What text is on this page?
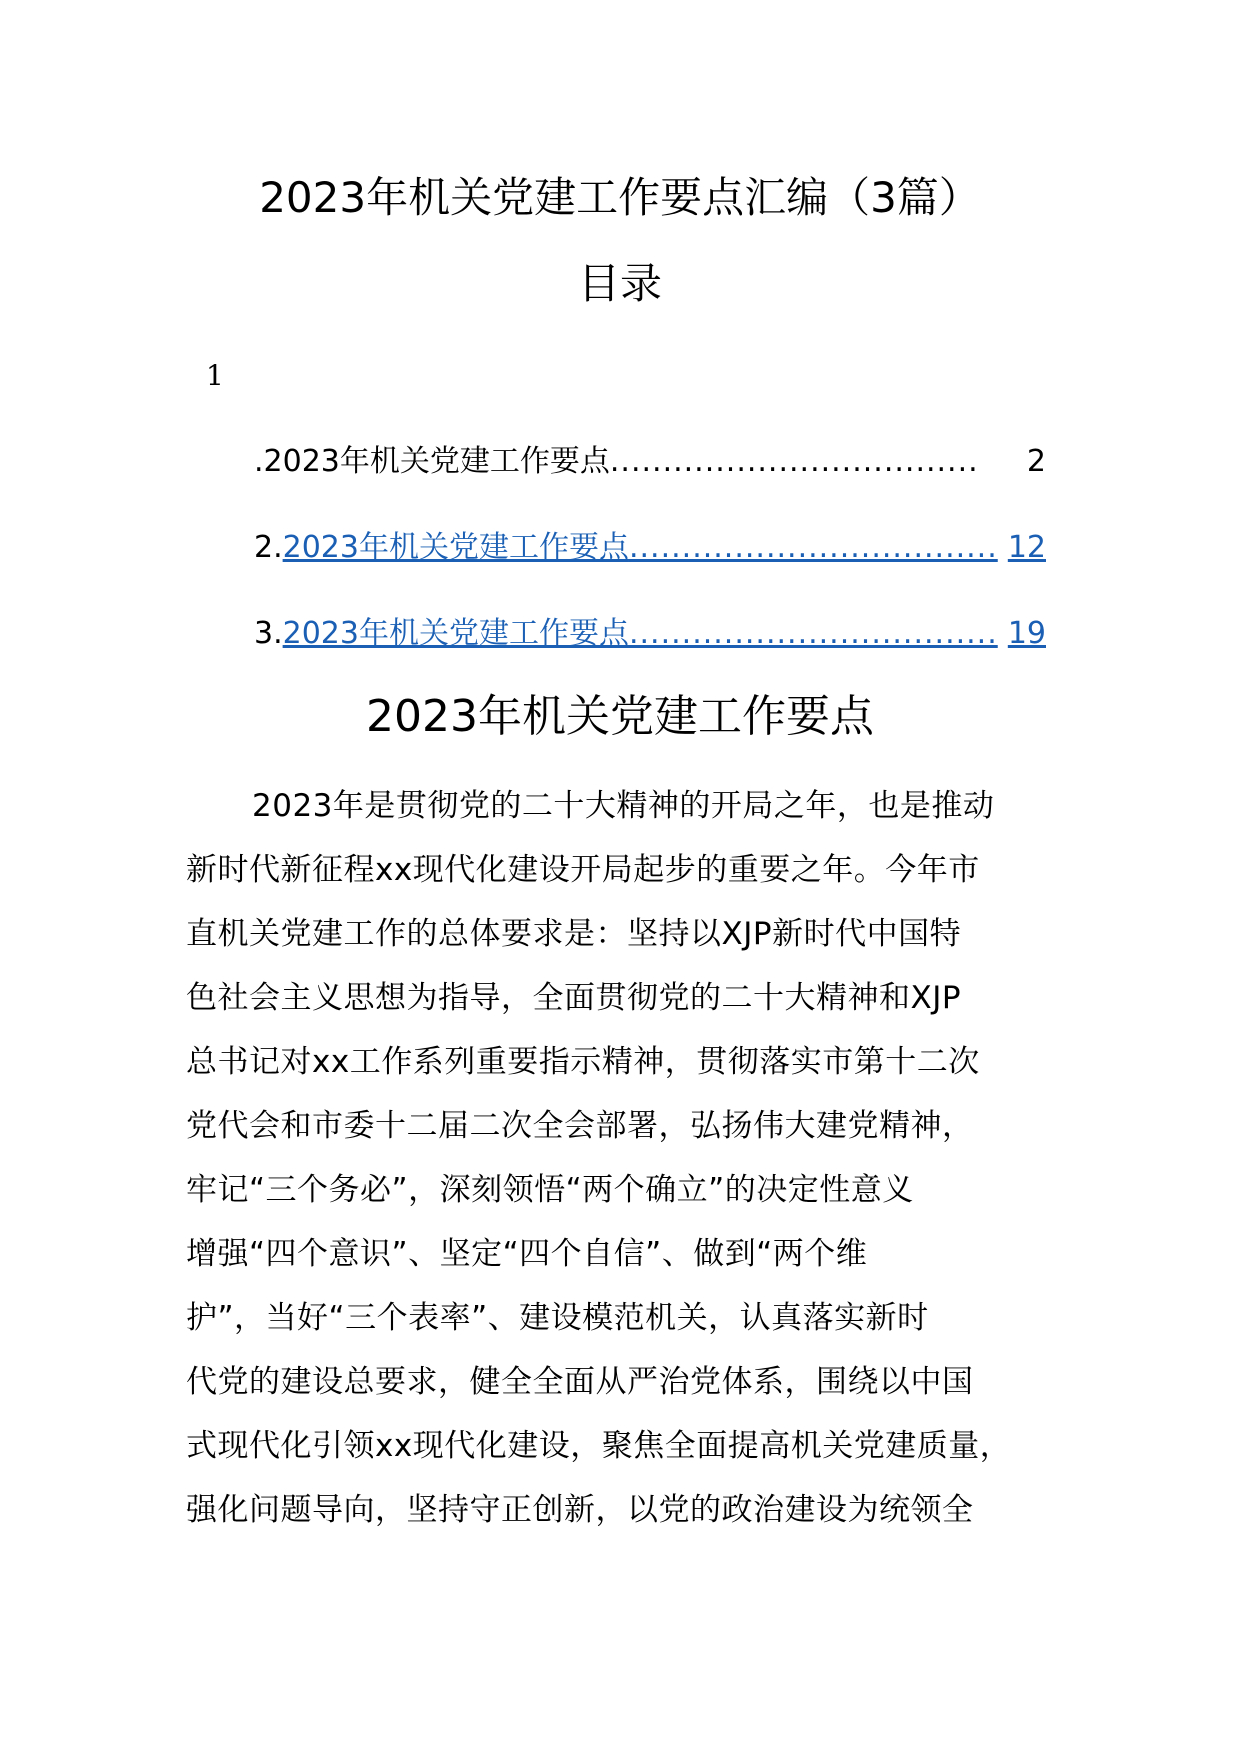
2023年机关党建工作要点汇编（3篇）
目录
1
.2023年机关党建工作要点 ...................................	2
2. 2023年机关党建工作要点 ................................... 12
3. 2023年机关党建工作要点 ................................... 19
2023年机关党建工作要点
2023年是贯彻党的二十大精神的开局之年，也是推动
新时代新征程xx现代化建设开局起步的重要之年。今年市
直机关党建工作的总体要求是：坚持以XJP新时代中国特
色社会主义思想为指导，全面贯彻党的二十大精神和XJP
总书记对xx工作系列重要指示精神，贯彻落实市第十二次
党代会和市委十二届二次全会部署，弘扬伟大建党精神，
牢记“三个务必”，深刻领悟“两个确立”的决定性意义
增强“四个意识”、坚定“四个自信”、做到“两个维
护”，当好“三个表率”、建设模范机关，认真落实新时
代党的建设总要求，健全全面从严治党体系，围绕以中国
式现代化引领xx现代化建设，聚焦全面提高机关党建质量，
强化问题导向，坚持守正创新，以党的政治建设为统领全
